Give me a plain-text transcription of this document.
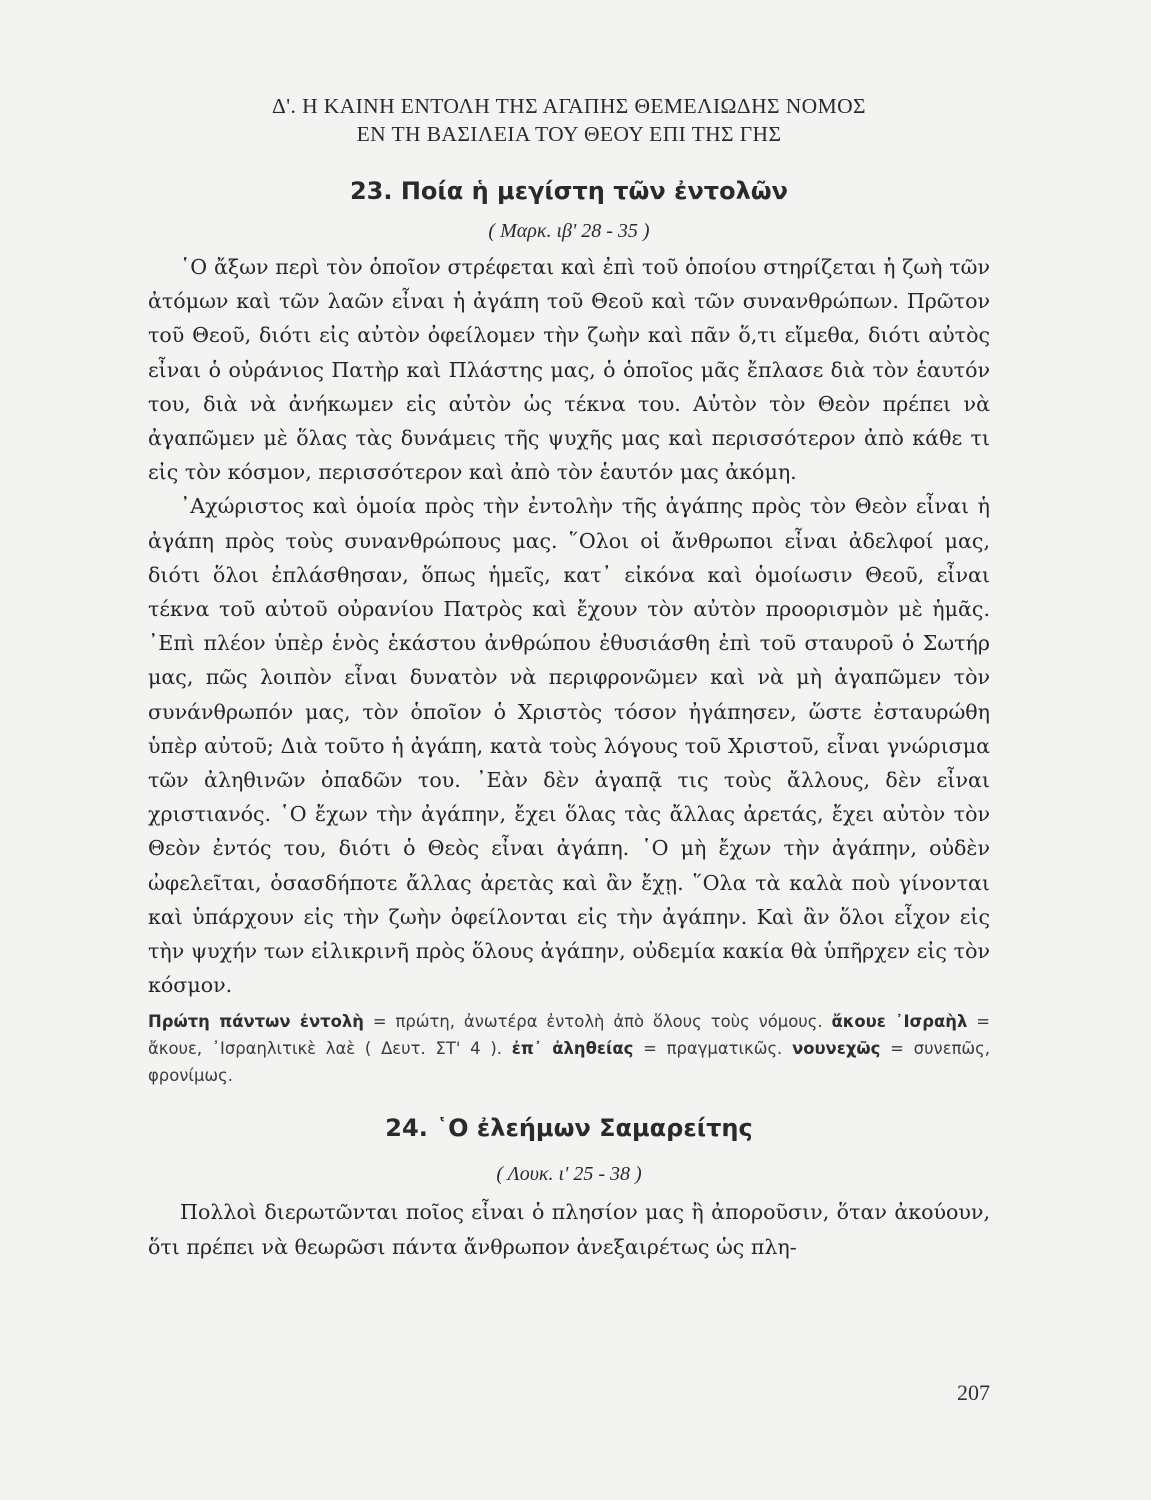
Δ'. Η ΚΑΙΝΗ ΕΝΤΟΛΗ ΤΗΣ ΑΓΑΠΗΣ ΘΕΜΕΛΙΩΔΗΣ ΝΟΜΟΣ

ΕΝ ΤΗ ΒΑΣΙΛΕΙΑ ΤΟΥ ΘΕΟΥ ΕΠΙ ΤΗΣ ΓΗΣ

23. Ποία ἡ μεγίστη τῶν ἐντολῶν

( Μαρκ. ιβ' 28 - 35 )

῾Ο ἄξων περὶ τὸν ὁποῖον στρέφεται καὶ ἐπὶ τοῦ ὁποίου στηρίζεται ἡ ζωὴ τῶν ἀτόμων καὶ τῶν λαῶν εἶναι ἡ ἀγάπη τοῦ Θεοῦ καὶ τῶν συνανθρώπων. Πρῶτον τοῦ Θεοῦ, διότι εἰς αὐτὸν ὀφείλομεν τὴν ζωὴν καὶ πᾶν ὅ,τι εἴμεθα, διότι αὐτὸς εἶναι ὁ οὐράνιος Πατὴρ καὶ Πλάστης μας, ὁ ὁποῖος μᾶς ἔπλασε διὰ τὸν ἑαυτόν του, διὰ νὰ ἀνήκωμεν εἰς αὐτὸν ὡς τέκνα του. Αὐτὸν τὸν Θεὸν πρέπει νὰ ἀγαπῶμεν μὲ ὅλας τὰς δυνάμεις τῆς ψυχῆς μας καὶ περισσότερον ἀπὸ κάθε τι εἰς τὸν κόσμον, περισσότερον καὶ ἀπὸ τὸν ἑαυτόν μας ἀκόμη.

᾿Αχώριστος καὶ ὁμοία πρὸς τὴν ἐντολὴν τῆς ἀγάπης πρὸς τὸν Θεὸν εἶναι ἡ ἀγάπη πρὸς τοὺς συνανθρώπους μας. ῞Ολοι οἱ ἄνθρωποι εἶναι ἀδελφοί μας, διότι ὅλοι ἐπλάσθησαν, ὅπως ἡμεῖς, κατ᾿ εἰκόνα καὶ ὁμοίωσιν Θεοῦ, εἶναι τέκνα τοῦ αὐτοῦ οὐρανίου Πατρὸς καὶ ἔχουν τὸν αὐτὸν προορισμὸν μὲ ἡμᾶς. ᾿Επὶ πλέον ὑπὲρ ἑνὸς ἑκάστου ἀνθρώπου ἐθυσιάσθη ἐπὶ τοῦ σταυροῦ ὁ Σωτήρ μας, πῶς λοιπὸν εἶναι δυνατὸν νὰ περιφρονῶμεν καὶ νὰ μὴ ἀγαπῶμεν τὸν συνάνθρωπόν μας, τὸν ὁποῖον ὁ Χριστὸς τόσον ἠγάπησεν, ὥστε ἐσταυρώθη ὑπὲρ αὐτοῦ; Διὰ τοῦτο ἡ ἀγάπη, κατὰ τοὺς λόγους τοῦ Χριστοῦ, εἶναι γνώρισμα τῶν ἀληθινῶν ὀπαδῶν του. ᾿Εὰν δὲν ἀγαπᾷ τις τοὺς ἄλλους, δὲν εἶναι χριστιανός. ῾Ο ἔχων τὴν ἀγάπην, ἔχει ὅλας τὰς ἄλλας ἀρετάς, ἔχει αὐτὸν τὸν Θεὸν ἐντός του, διότι ὁ Θεὸς εἶναι ἀγάπη. ῾Ο μὴ ἔχων τὴν ἀγάπην, οὐδὲν ὠφελεῖται, ὁσασδήποτε ἄλλας ἀρετὰς καὶ ἂν ἔχῃ. ῞Ολα τὰ καλὰ ποὺ γίνονται καὶ ὑπάρχουν εἰς τὴν ζωὴν ὀφείλονται εἰς τὴν ἀγάπην. Καὶ ἂν ὅλοι εἶχον εἰς τὴν ψυχήν των εἰλικρινῆ πρὸς ὅλους ἀγάπην, οὐδεμία κακία θὰ ὑπῆρχεν εἰς τὸν κόσμον.

Πρώτη πάντων ἐντολὴ = πρώτη, ἀνωτέρα ἐντολὴ ἀπὸ ὅλους τοὺς νόμους. ἄκουε ᾿Ισραὴλ = ἄκουε, ᾿Ισραηλιτικὲ λαὲ ( Δευτ. ΣΤ' 4 ). ἐπ᾿ ἀληθείας = πραγματικῶς. νουνεχῶς = συνεπῶς, φρονίμως.

24. ῾Ο ἐλεήμων Σαμαρείτης

( Λουκ. ι' 25 - 38 )

Πολλοὶ διερωτῶνται ποῖος εἶναι ὁ πλησίον μας ἢ ἀποροῦσιν, ὅταν ἀκούουν, ὅτι πρέπει νὰ θεωρῶσι πάντα ἄνθρωπον ἀνεξαιρέτως ὡς πλη-

207
